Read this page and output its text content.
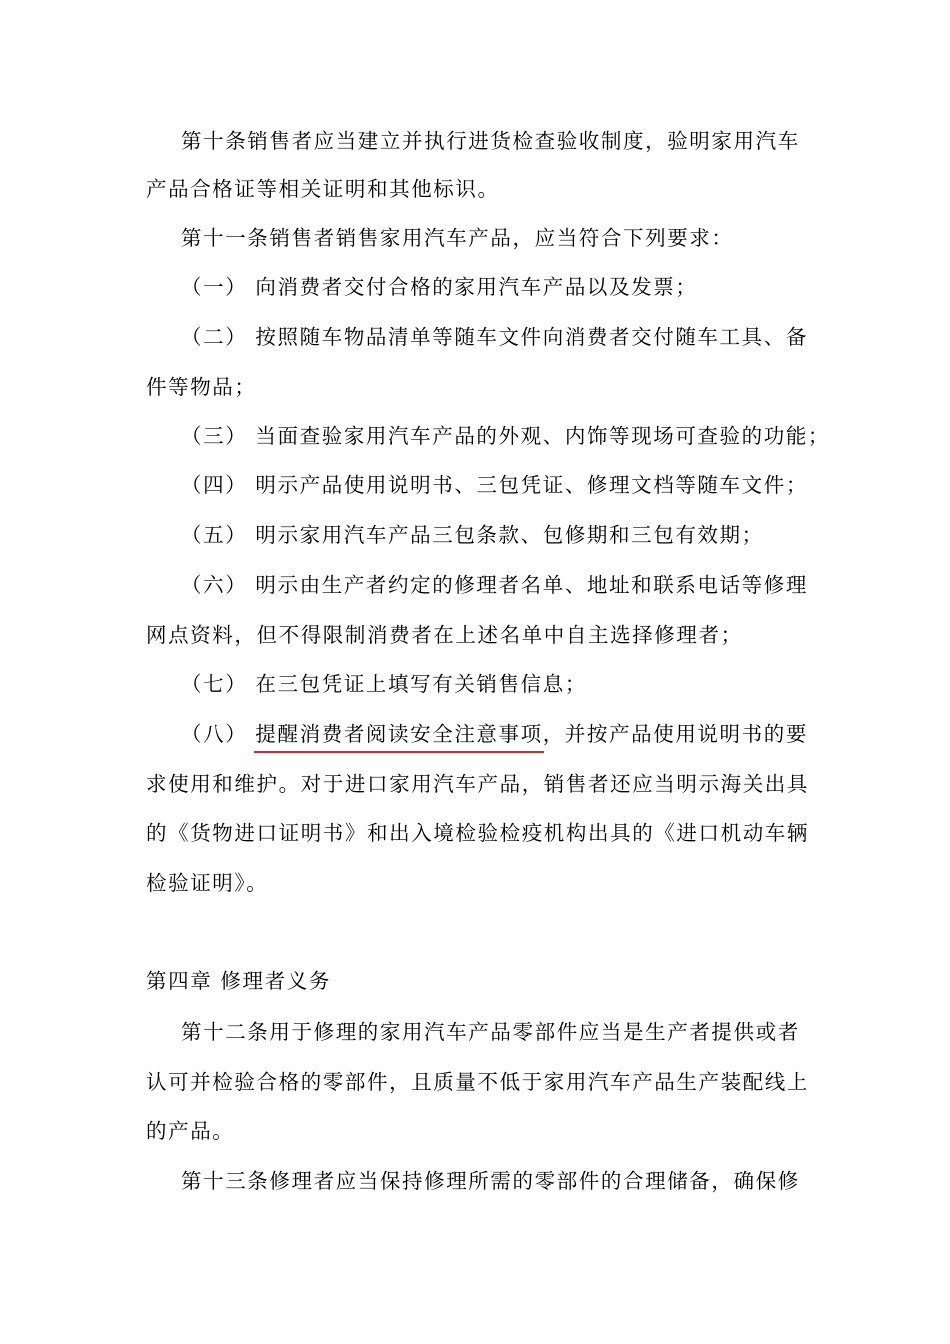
第十条销售者应当建立并执行进货检查验收制度，验明家用汽车
产品合格证等相关证明和其他标识。
第十一条销售者销售家用汽车产品，应当符合下列要求：
（一） 向消费者交付合格的家用汽车产品以及发票；
（二） 按照随车物品清单等随车文件向消费者交付随车工具、备
件等物品；
（三） 当面查验家用汽车产品的外观、内饰等现场可查验的功能；
（四） 明示产品使用说明书、三包凭证、修理文档等随车文件；
（五） 明示家用汽车产品三包条款、包修期和三包有效期；
（六） 明示由生产者约定的修理者名单、地址和联系电话等修理
网点资料，但不得限制消费者在上述名单中自主选择修理者；
（七） 在三包凭证上填写有关销售信息；
（八） 提醒消费者阅读安全注意事项，并按产品使用说明书的要
求使用和维护。对于进口家用汽车产品，销售者还应当明示海关出具
的《货物进口证明书》和出入境检验检疫机构出具的《进口机动车辆
检验证明》。
第四章 修理者义务
第十二条用于修理的家用汽车产品零部件应当是生产者提供或者
认可并检验合格的零部件，且质量不低于家用汽车产品生产装配线上
的产品。
第十三条修理者应当保持修理所需的零部件的合理储备，确保修
